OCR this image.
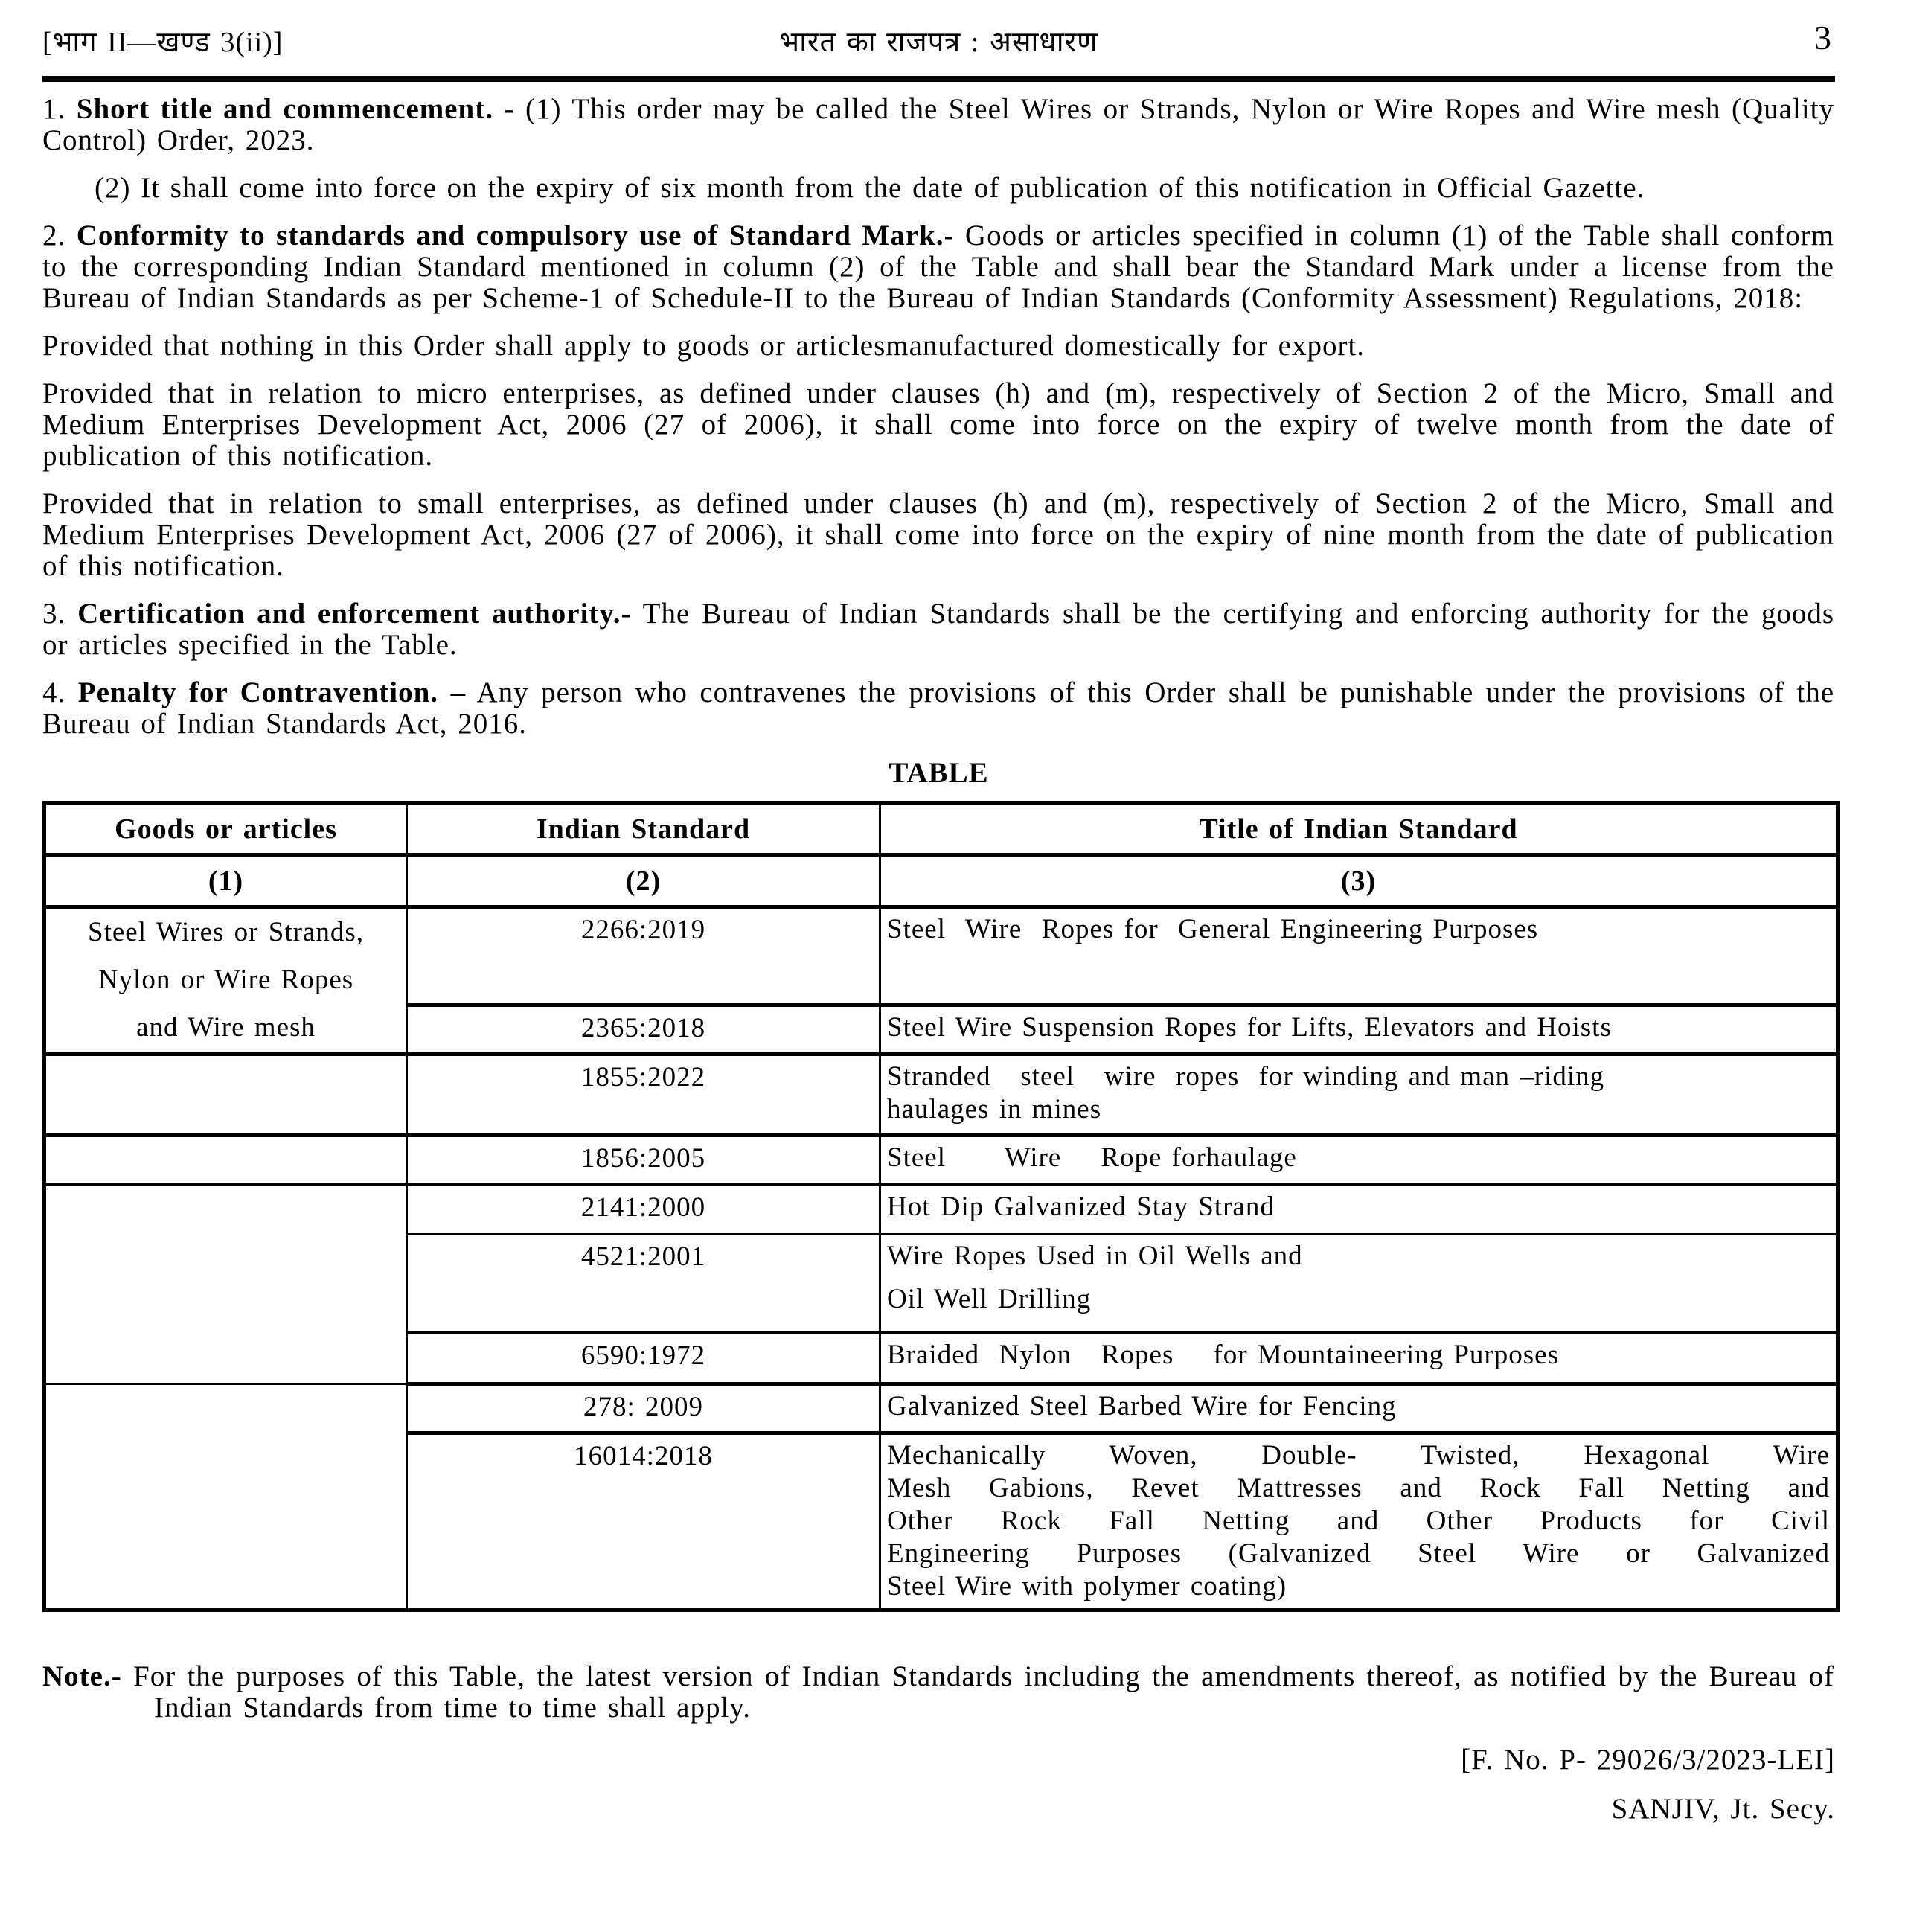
[भाग II—खण्ड 3(ii)]	भारत का राजपत्र : असाधारण	3

1. Short title and commencement. - (1) This order may be called the Steel Wires or Strands, Nylon or Wire Ropes and Wire mesh (Quality Control) Order, 2023.

(2) It shall come into force on the expiry of six month from the date of publication of this notification in Official Gazette.

2. Conformity to standards and compulsory use of Standard Mark.- Goods or articles specified in column (1) of the Table shall conform to the corresponding Indian Standard mentioned in column (2) of the Table and shall bear the Standard Mark under a license from the Bureau of Indian Standards as per Scheme-1 of Schedule-II to the Bureau of Indian Standards (Conformity Assessment) Regulations, 2018:

Provided that nothing in this Order shall apply to goods or articlesmanufactured domestically for export.

Provided that in relation to micro enterprises, as defined under clauses (h) and (m), respectively of Section 2 of the Micro, Small and Medium Enterprises Development Act, 2006 (27 of 2006), it shall come into force on the expiry of twelve month from the date of publication of this notification.

Provided that in relation to small enterprises, as defined under clauses (h) and (m), respectively of Section 2 of the Micro, Small and Medium Enterprises Development Act, 2006 (27 of 2006), it shall come into force on the expiry of nine month from the date of publication of this notification.

3. Certification and enforcement authority.- The Bureau of Indian Standards shall be the certifying and enforcing authority for the goods or articles specified in the Table.

4. Penalty for Contravention. – Any person who contravenes the provisions of this Order shall be punishable under the provisions of the Bureau of Indian Standards Act, 2016.

TABLE
Goods or articles	Indian Standard	Title of Indian Standard
(1)	(2)	(3)

Steel Wires or Strands,
Nylon or Wire Ropes
and Wire mesh	2266:2019	Steel  Wire  Ropes for  General Engineering Purposes

	2365:2018	Steel Wire Suspension Ropes for Lifts, Elevators and Hoists

	1855:2022	Stranded   steel   wire  ropes  for winding and man –riding
haulages in mines

	1856:2005	Steel      Wire    Rope forhaulage

	2141:2000	Hot Dip Galvanized Stay Strand

	4521:2001	Wire Ropes Used in Oil Wells and
Oil Well Drilling

	6590:1972	Braided  Nylon   Ropes    for Mountaineering Purposes

	278: 2009	Galvanized Steel Barbed Wire for Fencing

	16014:2018	Mechanically Woven, Double- Twisted, Hexagonal Wire
Mesh Gabions, Revet Mattresses and Rock Fall Netting and
Other Rock Fall Netting and Other Products for Civil
Engineering Purposes (Galvanized Steel Wire or Galvanized
Steel Wire with polymer coating)

Note.- For the purposes of this Table, the latest version of Indian Standards including the amendments thereof, as notified by the Bureau of Indian Standards from time to time shall apply.

[F. No. P- 29026/3/2023-LEI]
SANJIV, Jt. Secy.
